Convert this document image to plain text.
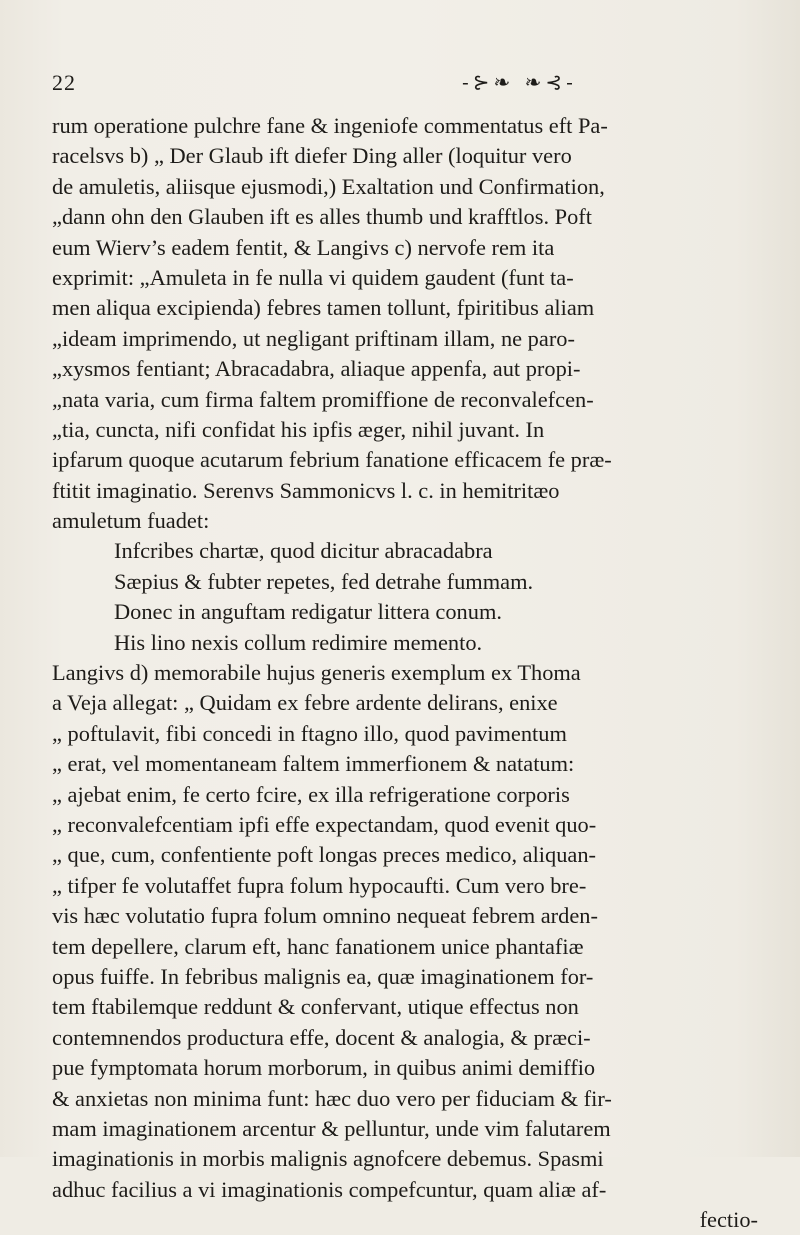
22	-⊱❧ ❧⊰-
rum operatione pulchre fane & ingeniofe commentatus eft Pa-
racelsvs b) „ Der Glaub ift diefer Ding aller (loquitur vero
de amuletis, aliisque ejusmodi,) Exaltation und Confirmation,
„dann ohn den Glauben ift es alles thumb und krafftlos. Poft
eum Wierv’s eadem fentit, & Langivs c) nervofe rem ita
exprimit: „Amuleta in fe nulla vi quidem gaudent (funt ta-
men aliqua excipienda) febres tamen tollunt, fpiritibus aliam
„ideam imprimendo, ut negligant priftinam illam, ne paro-
„xysmos fentiant; Abracadabra, aliaque appenfa, aut propi-
„nata varia, cum firma faltem promiffione de reconvalefcen-
„tia, cuncta, nifi confidat his ipfis æger, nihil juvant. In
ipfarum quoque acutarum febrium fanatione efficacem fe præ-
ftitit imaginatio. Serenvs Sammonicvs l. c. in hemitritæo
amuletum fuadet:
Infcribes chartæ, quod dicitur abracadabra
Sæpius & fubter repetes, fed detrahe fummam.
Donec in anguftam redigatur littera conum.
His lino nexis collum redimire memento.
Langivs d) memorabile hujus generis exemplum ex Thoma
a Veja allegat: „ Quidam ex febre ardente delirans, enixe
„ poftulavit, fibi concedi in ftagno illo, quod pavimentum
„ erat, vel momentaneam faltem immerfionem & natatum:
„ ajebat enim, fe certo fcire, ex illa refrigeratione corporis
„ reconvalefcentiam ipfi effe expectandam, quod evenit quo-
„ que, cum, confentiente poft longas preces medico, aliquan-
„ tifper fe volutaffet fupra folum hypocaufti. Cum vero bre-
vis hæc volutatio fupra folum omnino nequeat febrem arden-
tem depellere, clarum eft, hanc fanationem unice phantafiæ
opus fuiffe. In febribus malignis ea, quæ imaginationem for-
tem ftabilemque reddunt & confervant, utique effectus non
contemnendos productura effe, docent & analogia, & præci-
pue fymptomata horum morborum, in quibus animi demiffio
& anxietas non minima funt: hæc duo vero per fiduciam & fir-
mam imaginationem arcentur & pelluntur, unde vim falutarem
imaginationis in morbis malignis agnofcere debemus. Spasmi
adhuc facilius a vi imaginationis compefcuntur, quam aliæ af-
fectio-
